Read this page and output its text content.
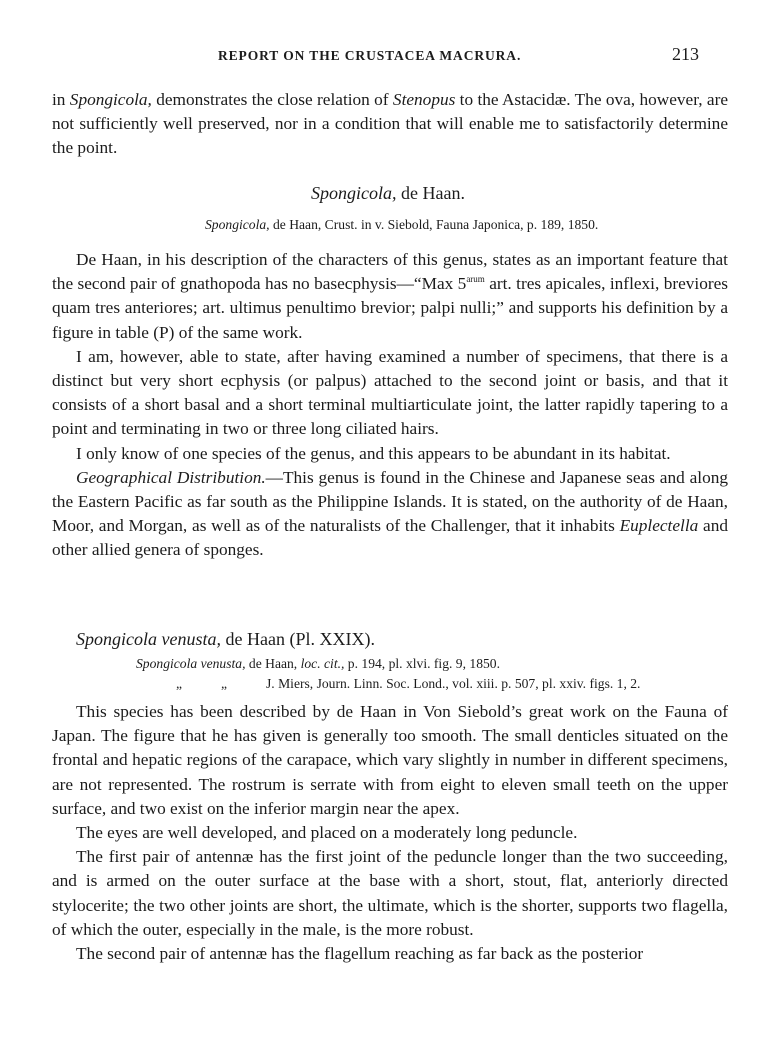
REPORT ON THE CRUSTACEA MACRURA.	213

in Spongicola, demonstrates the close relation of Stenopus to the Astacidæ. The ova, however, are not sufficiently well preserved, nor in a condition that will enable me to satisfactorily determine the point.

Spongicola, de Haan.
Spongicola, de Haan, Crust. in v. Siebold, Fauna Japonica, p. 189, 1850.

De Haan, in his description of the characters of this genus, states as an important feature that the second pair of gnathopoda has no basecphysis—“Max $5^{arum}$ art. tres apicales, inflexi, breviores quam tres anteriores; art. ultimus penultimo brevior; palpi nulli;” and supports his definition by a figure in table (P) of the same work.

I am, however, able to state, after having examined a number of specimens, that there is a distinct but very short ecphysis (or palpus) attached to the second joint or basis, and that it consists of a short basal and a short terminal multiarticulate joint, the latter rapidly tapering to a point and terminating in two or three long ciliated hairs.

I only know of one species of the genus, and this appears to be abundant in its habitat.

Geographical Distribution.—This genus is found in the Chinese and Japanese seas and along the Eastern Pacific as far south as the Philippine Islands. It is stated, on the authority of de Haan, Moor, and Morgan, as well as of the naturalists of the Challenger, that it inhabits Euplectella and other allied genera of sponges.

Spongicola venusta, de Haan (Pl. XXIX).
Spongicola venusta, de Haan, loc. cit., p. 194, pl. xlvi. fig. 9, 1850.
„	„	J. Miers, Journ. Linn. Soc. Lond., vol. xiii. p. 507, pl. xxiv. figs. 1, 2.

This species has been described by de Haan in Von Siebold’s great work on the Fauna of Japan. The figure that he has given is generally too smooth. The small denticles situated on the frontal and hepatic regions of the carapace, which vary slightly in number in different specimens, are not represented. The rostrum is serrate with from eight to eleven small teeth on the upper surface, and two exist on the inferior margin near the apex.

The eyes are well developed, and placed on a moderately long peduncle.

The first pair of antennæ has the first joint of the peduncle longer than the two succeeding, and is armed on the outer surface at the base with a short, stout, flat, anteriorly directed stylocerite; the two other joints are short, the ultimate, which is the shorter, supports two flagella, of which the outer, especially in the male, is the more robust.

The second pair of antennæ has the flagellum reaching as far back as the posterior
